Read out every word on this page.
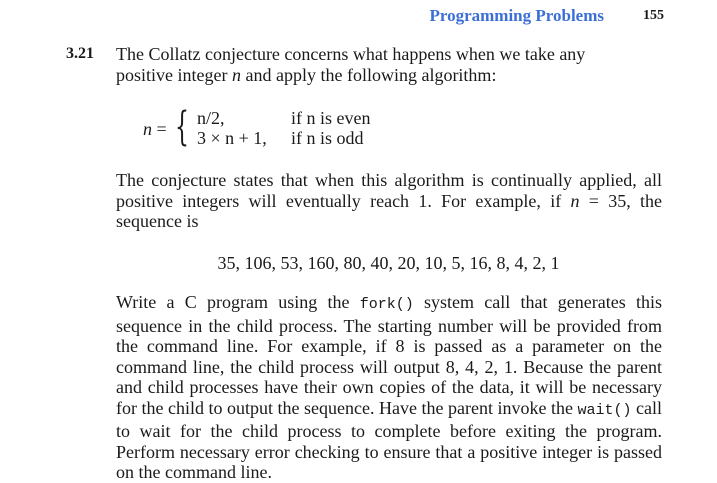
Programming Problems	155
3.21 The Collatz conjecture concerns what happens when we take any
positive integer n and apply the following algorithm:
n = { n/2,	if n is even
3 × n + 1, if n is odd
The conjecture states that when this algorithm is continually applied, all positive integers will eventually reach 1. For example, if n = 35, the sequence is
35, 106, 53, 160, 80, 40, 20, 10, 5, 16, 8, 4, 2, 1
Write a C program using the fork() system call that generates this sequence in the child process. The starting number will be provided from the command line. For example, if 8 is passed as a parameter on the command line, the child process will output 8, 4, 2, 1. Because the parent and child processes have their own copies of the data, it will be necessary for the child to output the sequence. Have the parent invoke the wait() call to wait for the child process to complete before exiting the program. Perform necessary error checking to ensure that a positive integer is passed on the command line.
